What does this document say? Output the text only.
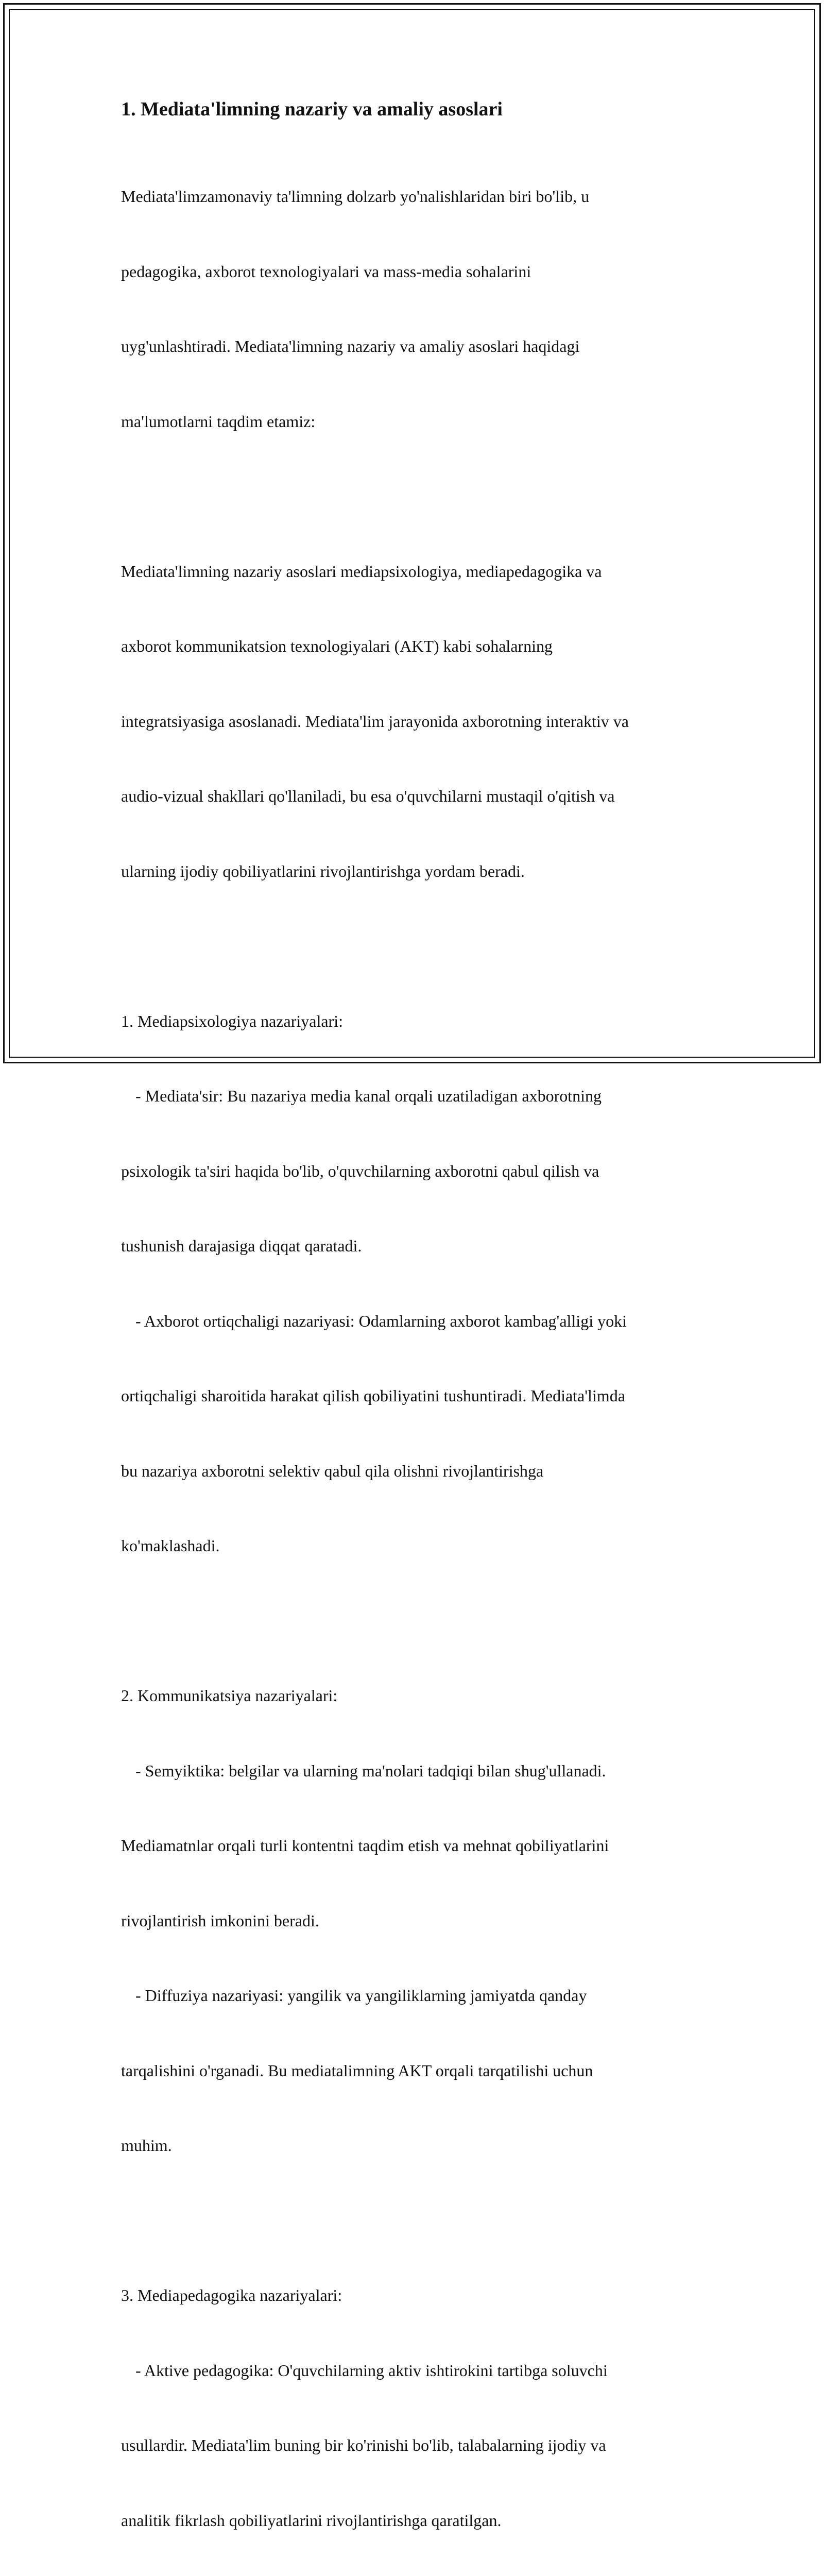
1. Mediata'limning nazariy va amaliy asoslari

Mediata'limzamonaviy ta'limning dolzarb yo'nalishlaridan biri bo'lib, u

pedagogika, axborot texnologiyalari va mass-media sohalarini

uyg'unlashtiradi. Mediata'limning nazariy va amaliy asoslari haqidagi

ma'lumotlarni taqdim etamiz:

Mediata'limning nazariy asoslari mediapsixologiya, mediapedagogika va

axborot kommunikatsion texnologiyalari (AKT) kabi sohalarning

integratsiyasiga asoslanadi. Mediata'lim jarayonida axborotning interaktiv va

audio-vizual shakllari qo'llaniladi, bu esa o'quvchilarni mustaqil o'qitish va

ularning ijodiy qobiliyatlarini rivojlantirishga yordam beradi.

1. Mediapsixologiya nazariyalari:

- Mediata'sir: Bu nazariya media kanal orqali uzatiladigan axborotning

psixologik ta'siri haqida bo'lib, o'quvchilarning axborotni qabul qilish va

tushunish darajasiga diqqat qaratadi.

- Axborot ortiqchaligi nazariyasi: Odamlarning axborot kambag'alligi yoki

ortiqchaligi sharoitida harakat qilish qobiliyatini tushuntiradi. Mediata'limda

bu nazariya axborotni selektiv qabul qila olishni rivojlantirishga

ko'maklashadi.

2. Kommunikatsiya nazariyalari:

- Semyiktika: belgilar va ularning ma'nolari tadqiqi bilan shug'ullanadi.

Mediamatnlar orqali turli kontentni taqdim etish va mehnat qobiliyatlarini

rivojlantirish imkonini beradi.

- Diffuziya nazariyasi: yangilik va yangiliklarning jamiyatda qanday

tarqalishini o'rganadi. Bu mediatalimning AKT orqali tarqatilishi uchun

muhim.

3. Mediapedagogika nazariyalari:

- Aktive pedagogika: O'quvchilarning aktiv ishtirokini tartibga soluvchi

usullardir. Mediata'lim buning bir ko'rinishi bo'lib, talabalarning ijodiy va

analitik fikrlash qobiliyatlarini rivojlantirishga qaratilgan.
